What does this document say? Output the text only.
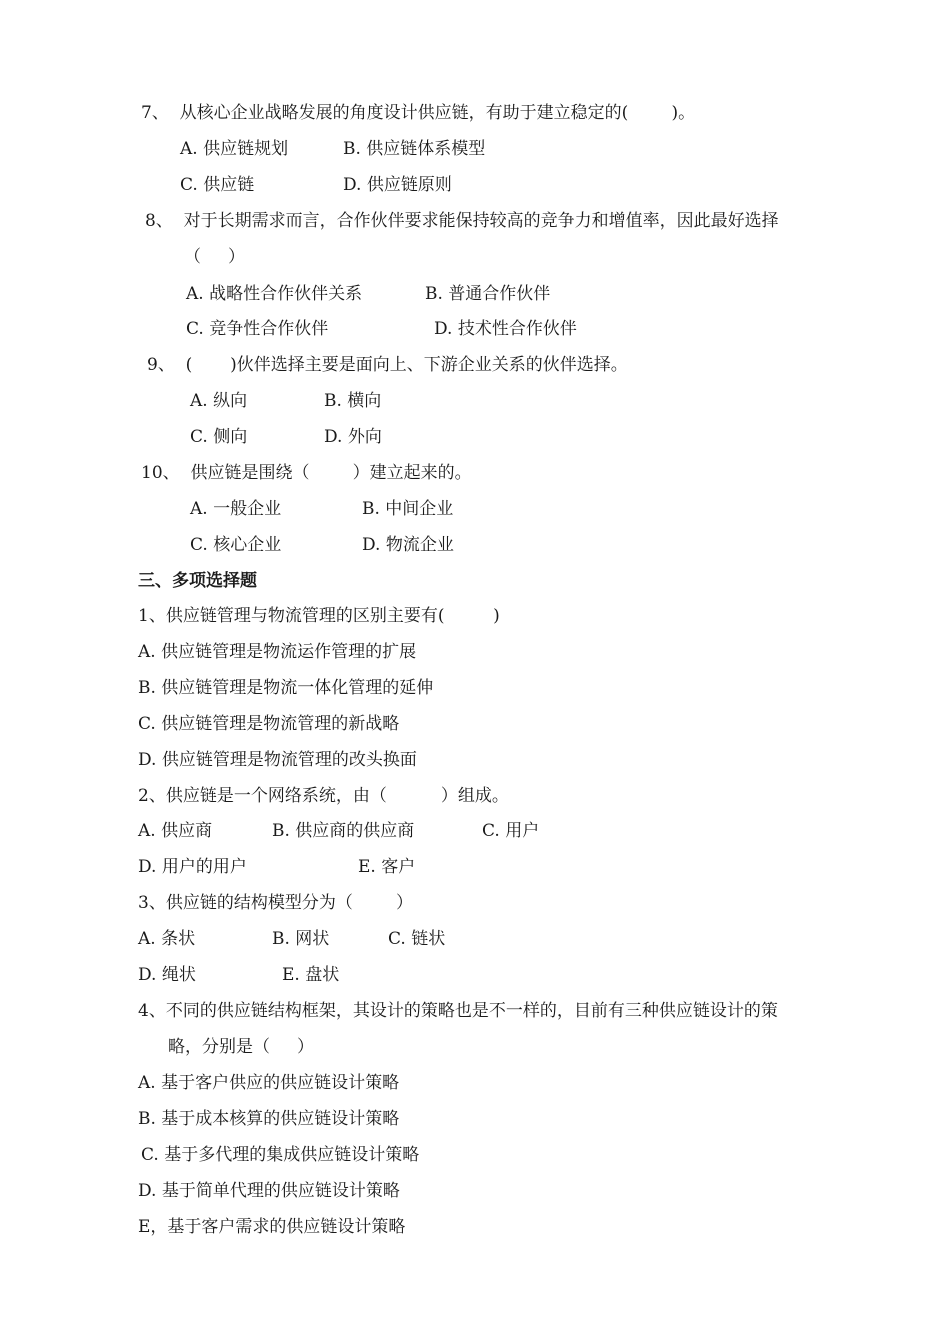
7、  从核心企业战略发展的角度设计供应链，有助于建立稳定的(        )。
A. 供应链规划	B. 供应链体系模型
C. 供应链	D. 供应链原则
8、  对于长期需求而言，合作伙伴要求能保持较高的竞争力和增值率，因此最好选择
（     ）
A. 战略性合作伙伴关系	B. 普通合作伙伴
C. 竞争性合作伙伴	D. 技术性合作伙伴
9、  (       )伙伴选择主要是面向上、下游企业关系的伙伴选择。
A. 纵向	B. 横向
C. 侧向	D. 外向
10、  供应链是围绕（        ）建立起来的。
A. 一般企业	B. 中间企业
C. 核心企业	D. 物流企业
三、多项选择题
1、供应链管理与物流管理的区别主要有(         )
A. 供应链管理是物流运作管理的扩展
B. 供应链管理是物流一体化管理的延伸
C. 供应链管理是物流管理的新战略
D. 供应链管理是物流管理的改头换面
2、供应链是一个网络系统，由（          ）组成。
A. 供应商	B. 供应商的供应商	C. 用户
D. 用户的用户	E. 客户
3、供应链的结构模型分为（        ）
A. 条状	B. 网状	C. 链状
D. 绳状	E. 盘状
4、不同的供应链结构框架，其设计的策略也是不一样的，目前有三种供应链设计的策
略，分别是（     ）
A. 基于客户供应的供应链设计策略
B. 基于成本核算的供应链设计策略
C. 基于多代理的集成供应链设计策略
D. 基于简单代理的供应链设计策略
E，基于客户需求的供应链设计策略
